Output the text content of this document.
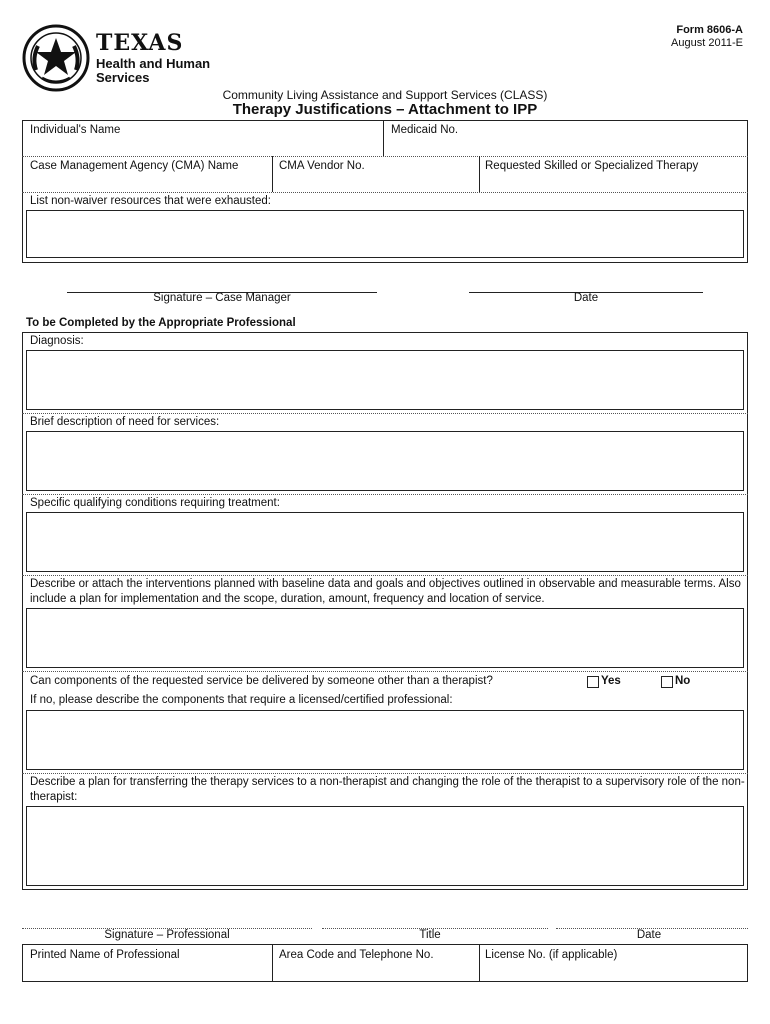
TEXAS
Health and Human
Services
Form 8606-A
August 2011-E
Community Living Assistance and Support Services (CLASS)
Therapy Justifications – Attachment to IPP
Individual's Name	Medicaid No.
Case Management Agency (CMA) Name	CMA Vendor No.	Requested Skilled or Specialized Therapy
List non-waiver resources that were exhausted:
Signature – Case Manager	Date
To be Completed by the Appropriate Professional
Diagnosis:
Brief description of need for services:
Specific qualifying conditions requiring treatment:
Describe or attach the interventions planned with baseline data and goals and objectives outlined in observable and measurable terms. Also
include a plan for implementation and the scope, duration, amount, frequency and location of service.
Can components of the requested service be delivered by someone other than a therapist?	Yes	No
If no, please describe the components that require a licensed/certified professional:
Describe a plan for transferring the therapy services to a non-therapist and changing the role of the therapist to a supervisory role of the non-
therapist:
Signature – Professional	Title	Date
Printed Name of Professional	Area Code and Telephone No.	License No. (if applicable)
